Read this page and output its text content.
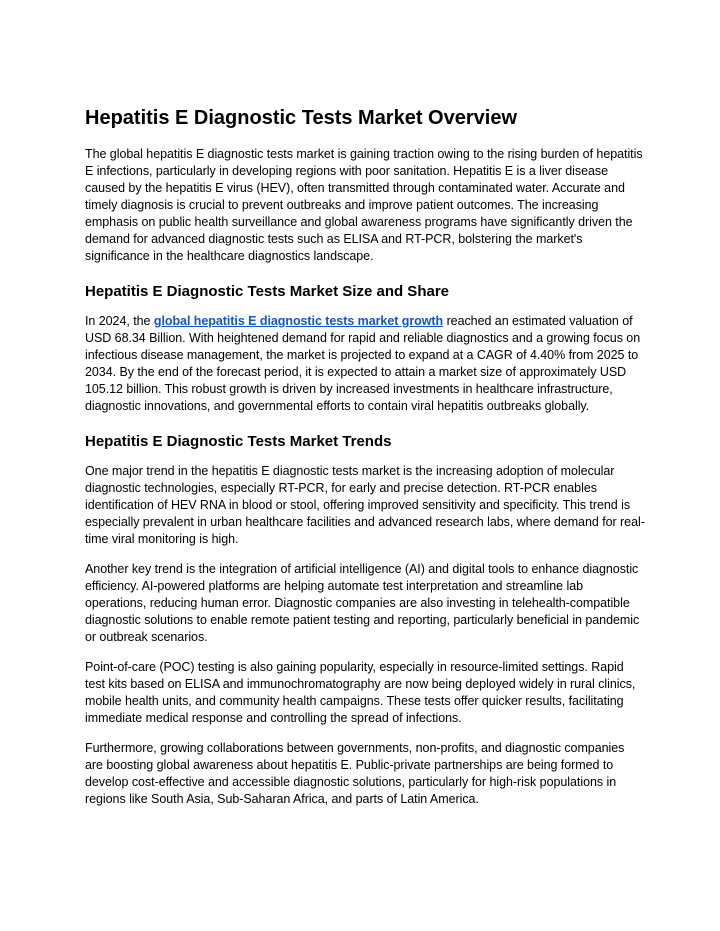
Hepatitis E Diagnostic Tests Market Overview

The global hepatitis E diagnostic tests market is gaining traction owing to the rising burden of hepatitis E infections, particularly in developing regions with poor sanitation. Hepatitis E is a liver disease caused by the hepatitis E virus (HEV), often transmitted through contaminated water. Accurate and timely diagnosis is crucial to prevent outbreaks and improve patient outcomes. The increasing emphasis on public health surveillance and global awareness programs have significantly driven the demand for advanced diagnostic tests such as ELISA and RT-PCR, bolstering the market's significance in the healthcare diagnostics landscape.

Hepatitis E Diagnostic Tests Market Size and Share

In 2024, the global hepatitis E diagnostic tests market growth reached an estimated valuation of USD 68.34 Billion. With heightened demand for rapid and reliable diagnostics and a growing focus on infectious disease management, the market is projected to expand at a CAGR of 4.40% from 2025 to 2034. By the end of the forecast period, it is expected to attain a market size of approximately USD 105.12 billion. This robust growth is driven by increased investments in healthcare infrastructure, diagnostic innovations, and governmental efforts to contain viral hepatitis outbreaks globally.

Hepatitis E Diagnostic Tests Market Trends

One major trend in the hepatitis E diagnostic tests market is the increasing adoption of molecular diagnostic technologies, especially RT-PCR, for early and precise detection. RT-PCR enables identification of HEV RNA in blood or stool, offering improved sensitivity and specificity. This trend is especially prevalent in urban healthcare facilities and advanced research labs, where demand for real-time viral monitoring is high.

Another key trend is the integration of artificial intelligence (AI) and digital tools to enhance diagnostic efficiency. AI-powered platforms are helping automate test interpretation and streamline lab operations, reducing human error. Diagnostic companies are also investing in telehealth-compatible diagnostic solutions to enable remote patient testing and reporting, particularly beneficial in pandemic or outbreak scenarios.

Point-of-care (POC) testing is also gaining popularity, especially in resource-limited settings. Rapid test kits based on ELISA and immunochromatography are now being deployed widely in rural clinics, mobile health units, and community health campaigns. These tests offer quicker results, facilitating immediate medical response and controlling the spread of infections.

Furthermore, growing collaborations between governments, non-profits, and diagnostic companies are boosting global awareness about hepatitis E. Public-private partnerships are being formed to develop cost-effective and accessible diagnostic solutions, particularly for high-risk populations in regions like South Asia, Sub-Saharan Africa, and parts of Latin America.
